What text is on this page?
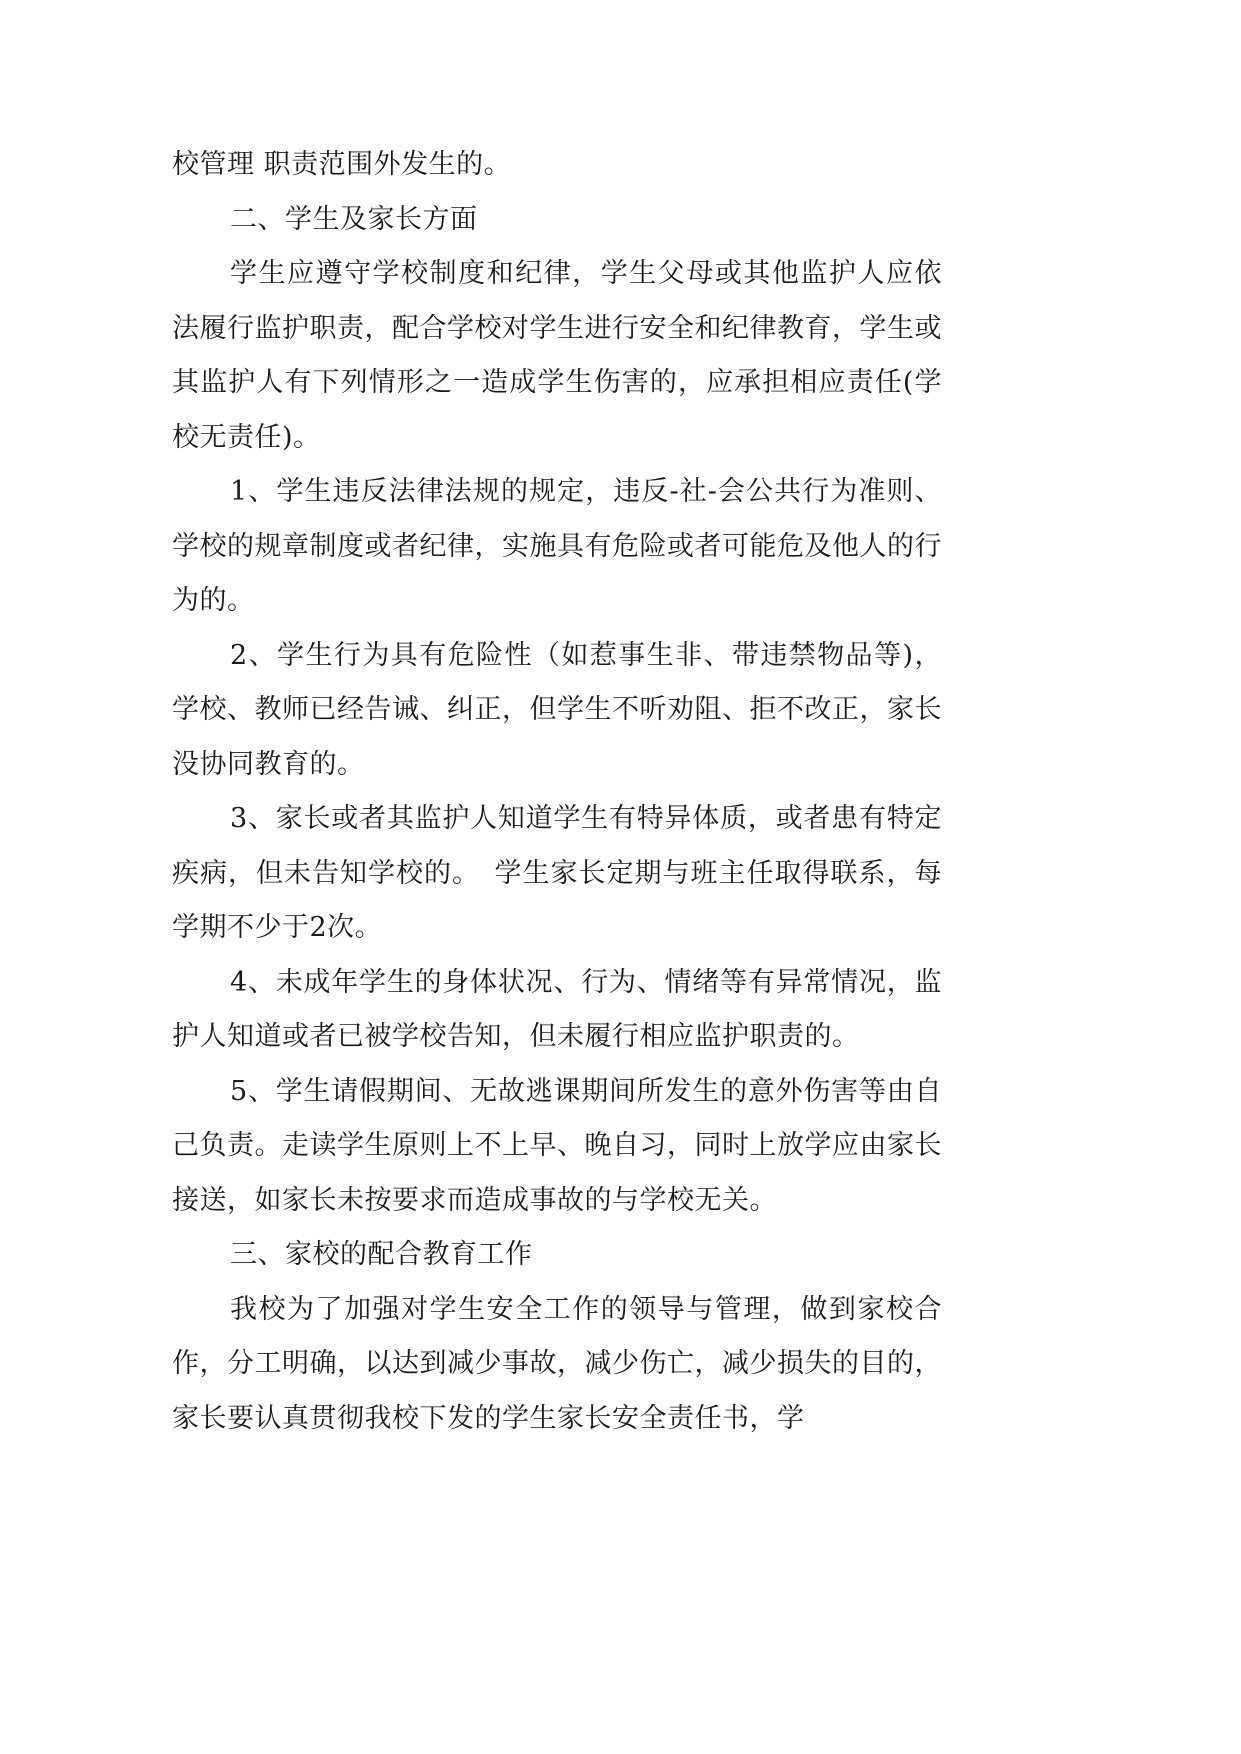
校管理 职责范围外发生的。

二、学生及家长方面

学生应遵守学校制度和纪律，学生父母或其他监护人应依法履行监护职责，配合学校对学生进行安全和纪律教育，学生或其监护人有下列情形之一造成学生伤害的，应承担相应责任(学校无责任)。

1、学生违反法律法规的规定，违反-社-会公共行为准则、学校的规章制度或者纪律，实施具有危险或者可能危及他人的行为的。

2、学生行为具有危险性（如惹事生非、带违禁物品等)，学校、教师已经告诫、纠正，但学生不听劝阻、拒不改正，家长没协同教育的。

3、家长或者其监护人知道学生有特异体质，或者患有特定疾病，但未告知学校的。　学生家长定期与班主任取得联系，每学期不少于2次。

4、未成年学生的身体状况、行为、情绪等有异常情况，监护人知道或者已被学校告知，但未履行相应监护职责的。

5、学生请假期间、无故逃课期间所发生的意外伤害等由自己负责。走读学生原则上不上早、晚自习，同时上放学应由家长接送，如家长未按要求而造成事故的与学校无关。

三、家校的配合教育工作

我校为了加强对学生安全工作的领导与管理，做到家校合作，分工明确，以达到减少事故，减少伤亡，减少损失的目的，家长要认真贯彻我校下发的学生家长安全责任书，学
